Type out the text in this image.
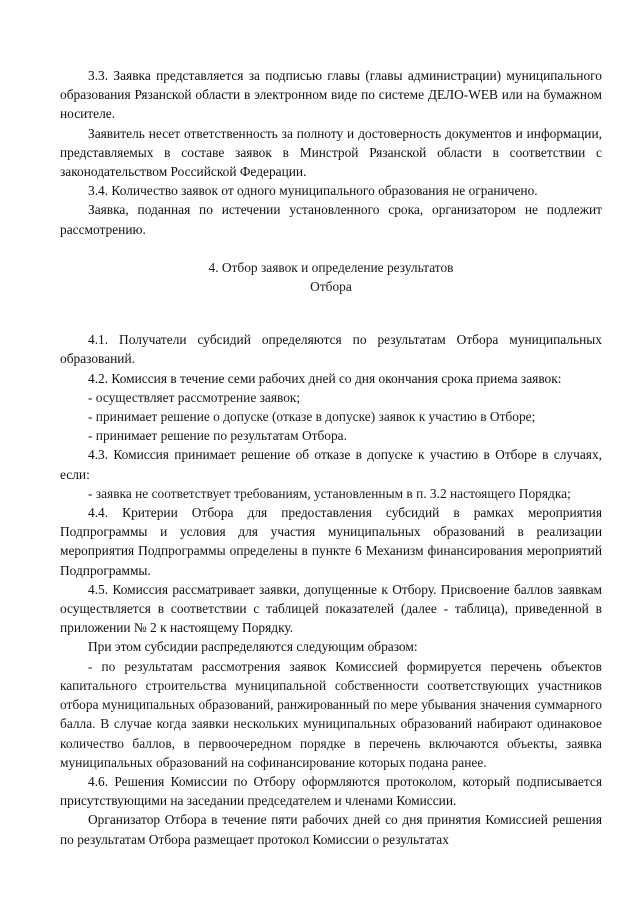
3.3. Заявка представляется за подписью главы (главы администрации) муниципального образования Рязанской области в электронном виде по системе ДЕЛО-WEB или на бумажном носителе.

Заявитель несет ответственность за полноту и достоверность документов и информации, представляемых в составе заявок в Минстрой Рязанской области в соответствии с законодательством Российской Федерации.

3.4. Количество заявок от одного муниципального образования не ограничено.

Заявка, поданная по истечении установленного срока, организатором не подлежит рассмотрению.

4. Отбор заявок и определение результатов

Отбора

4.1. Получатели субсидий определяются по результатам Отбора муниципальных образований.

4.2. Комиссия в течение семи рабочих дней со дня окончания срока приема заявок:

- осуществляет рассмотрение заявок;

- принимает решение о допуске (отказе в допуске) заявок к участию в Отборе;

- принимает решение по результатам Отбора.

4.3. Комиссия принимает решение об отказе в допуске к участию в Отборе в случаях, если:

- заявка не соответствует требованиям, установленным в п. 3.2 настоящего Порядка;

4.4. Критерии Отбора для предоставления субсидий в рамках мероприятия Подпрограммы и условия для участия муниципальных образований в реализации мероприятия Подпрограммы определены в пункте 6 Механизм финансирования мероприятий Подпрограммы.

4.5. Комиссия рассматривает заявки, допущенные к Отбору. Присвоение баллов заявкам осуществляется в соответствии с таблицей показателей (далее - таблица), приведенной в приложении № 2 к настоящему Порядку.

При этом субсидии распределяются следующим образом:

- по результатам рассмотрения заявок Комиссией формируется перечень объектов капитального строительства муниципальной собственности соответствующих участников отбора муниципальных образований, ранжированный по мере убывания значения суммарного балла. В случае когда заявки нескольких муниципальных образований набирают одинаковое количество баллов, в первоочередном порядке в перечень включаются объекты, заявка муниципальных образований на софинансирование которых подана ранее.

4.6. Решения Комиссии по Отбору оформляются протоколом, который подписывается присутствующими на заседании председателем и членами Комиссии.

Организатор Отбора в течение пяти рабочих дней со дня принятия Комиссией решения по результатам Отбора размещает протокол Комиссии о результатах
